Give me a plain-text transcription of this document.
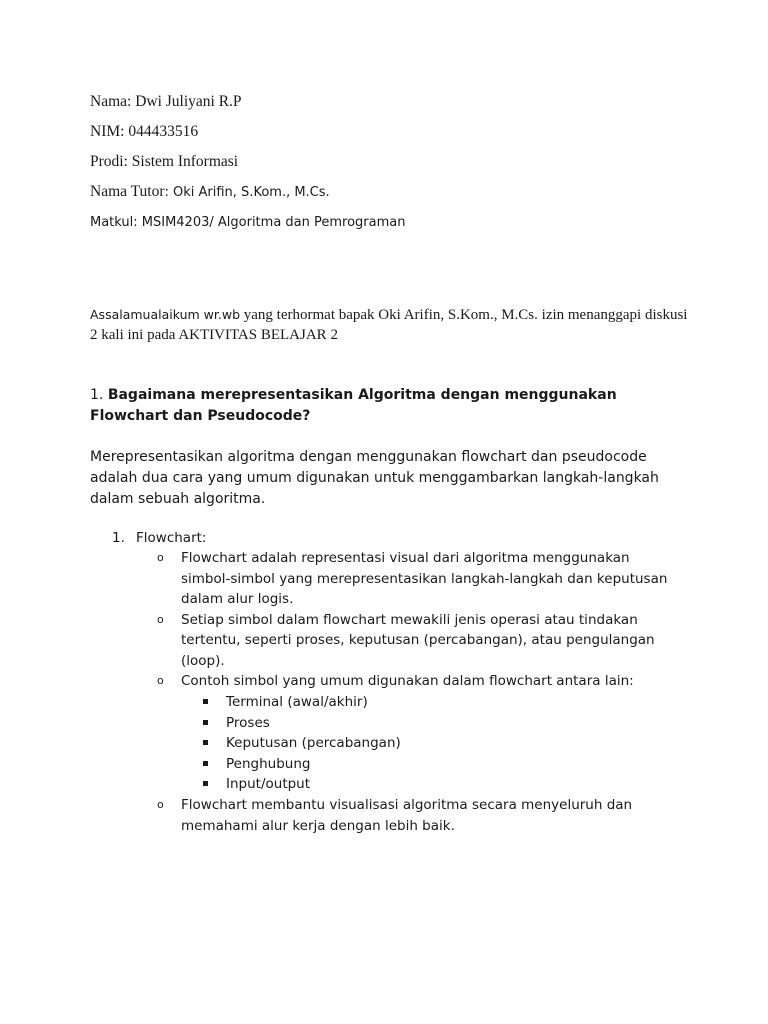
Nama: Dwi Juliyani R.P
NIM: 044433516
Prodi: Sistem Informasi
Nama Tutor: Oki Arifin, S.Kom., M.Cs.
Matkul: MSIM4203/ Algoritma dan Pemrograman
Assalamualaikum wr.wb yang terhormat bapak Oki Arifin, S.Kom., M.Cs. izin menanggapi diskusi 2 kali ini pada AKTIVITAS BELAJAR 2
1. Bagaimana merepresentasikan Algoritma dengan menggunakan Flowchart dan Pseudocode?
Merepresentasikan algoritma dengan menggunakan flowchart dan pseudocode adalah dua cara yang umum digunakan untuk menggambarkan langkah-langkah dalam sebuah algoritma.
1. Flowchart:
o Flowchart adalah representasi visual dari algoritma menggunakan simbol-simbol yang merepresentasikan langkah-langkah dan keputusan dalam alur logis.
o Setiap simbol dalam flowchart mewakili jenis operasi atau tindakan tertentu, seperti proses, keputusan (percabangan), atau pengulangan (loop).
o Contoh simbol yang umum digunakan dalam flowchart antara lain:
Terminal (awal/akhir)
Proses
Keputusan (percabangan)
Penghubung
Input/output
o Flowchart membantu visualisasi algoritma secara menyeluruh dan memahami alur kerja dengan lebih baik.
